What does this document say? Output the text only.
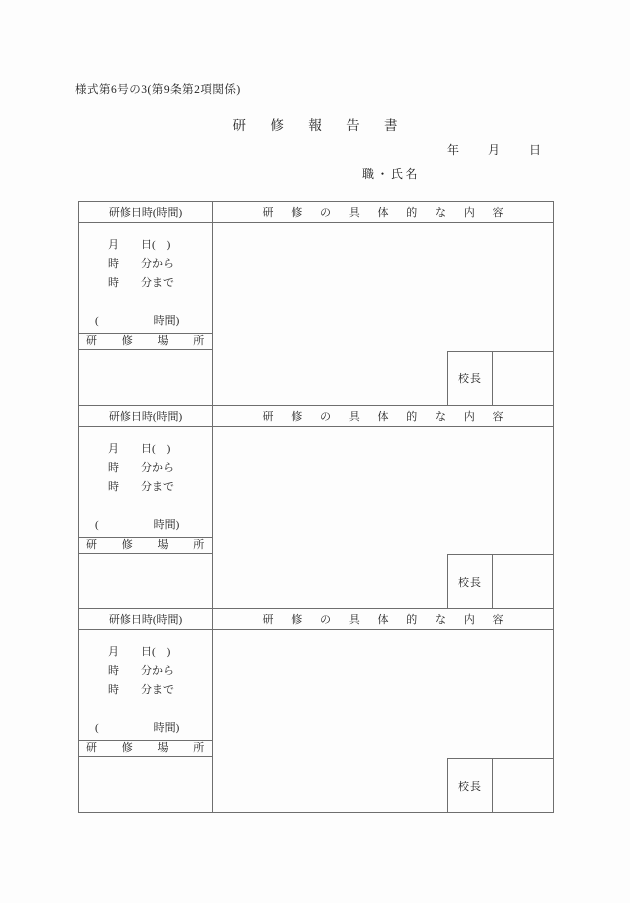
様式第6号の3(第9条第2項関係)
研 修 報 告 書
年 月 日
職・氏名
研修日時(時間)	研 修 の 具 体 的 な 内 容
月　　日(　)
時　　分から
時　　分まで
(　　　　　時間)
研 修 場 所
校長
研修日時(時間)	研 修 の 具 体 的 な 内 容
月　　日(　)
時　　分から
時　　分まで
(　　　　　時間)
研 修 場 所
校長
研修日時(時間)	研 修 の 具 体 的 な 内 容
月　　日(　)
時　　分から
時　　分まで
(　　　　　時間)
研 修 場 所
校長
